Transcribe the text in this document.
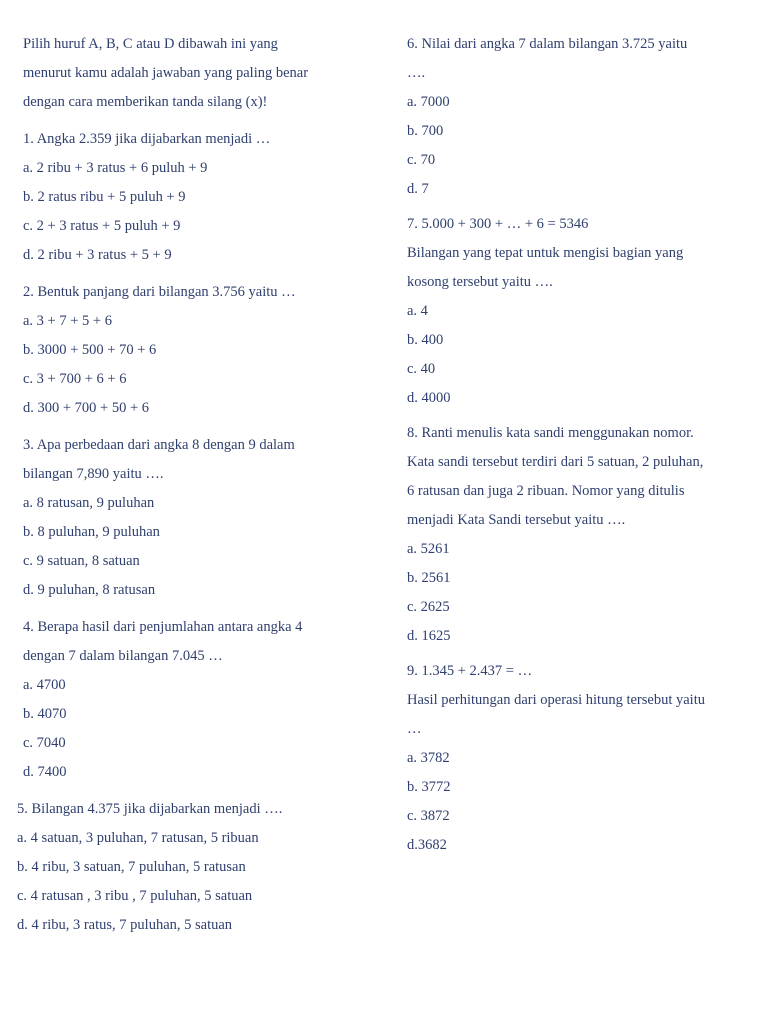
Pilih huruf A, B, C atau D dibawah ini yang
menurut kamu adalah jawaban yang paling benar
dengan cara memberikan tanda silang (x)!
1. Angka 2.359 jika dijabarkan menjadi …
a. 2 ribu + 3 ratus + 6 puluh + 9
b. 2 ratus ribu + 5 puluh + 9
c. 2 + 3 ratus + 5 puluh + 9
d. 2 ribu + 3 ratus + 5 + 9
2. Bentuk panjang dari bilangan 3.756 yaitu …
a. 3 + 7 + 5 + 6
b. 3000 + 500 + 70 + 6
c. 3 + 700 + 6 + 6
d. 300 + 700 + 50 + 6
3. Apa perbedaan dari angka 8 dengan 9 dalam
bilangan 7,890 yaitu ….
a. 8 ratusan, 9 puluhan
b. 8 puluhan, 9 puluhan
c. 9 satuan, 8 satuan
d. 9 puluhan, 8 ratusan
4. Berapa hasil dari penjumlahan antara angka 4
dengan 7 dalam bilangan 7.045 …
a. 4700
b. 4070
c. 7040
d. 7400
5. Bilangan 4.375 jika dijabarkan menjadi ….
a. 4 satuan, 3 puluhan, 7 ratusan, 5 ribuan
b. 4 ribu, 3 satuan, 7 puluhan, 5 ratusan
c. 4 ratusan , 3 ribu , 7 puluhan, 5 satuan
d. 4 ribu, 3 ratus, 7 puluhan, 5 satuan
6. Nilai dari angka 7 dalam bilangan 3.725 yaitu
….
a. 7000
b. 700
c. 70
d. 7
7. 5.000 + 300 + … + 6 = 5346
Bilangan yang tepat untuk mengisi bagian yang
kosong tersebut yaitu ….
a. 4
b. 400
c. 40
d. 4000
8. Ranti menulis kata sandi menggunakan nomor.
Kata sandi tersebut terdiri dari 5 satuan, 2 puluhan,
6 ratusan dan juga 2 ribuan. Nomor yang ditulis
menjadi Kata Sandi tersebut yaitu ….
a. 5261
b. 2561
c. 2625
d. 1625
9. 1.345 + 2.437 = …
Hasil perhitungan dari operasi hitung tersebut yaitu
…
a. 3782
b. 3772
c. 3872
d.3682
